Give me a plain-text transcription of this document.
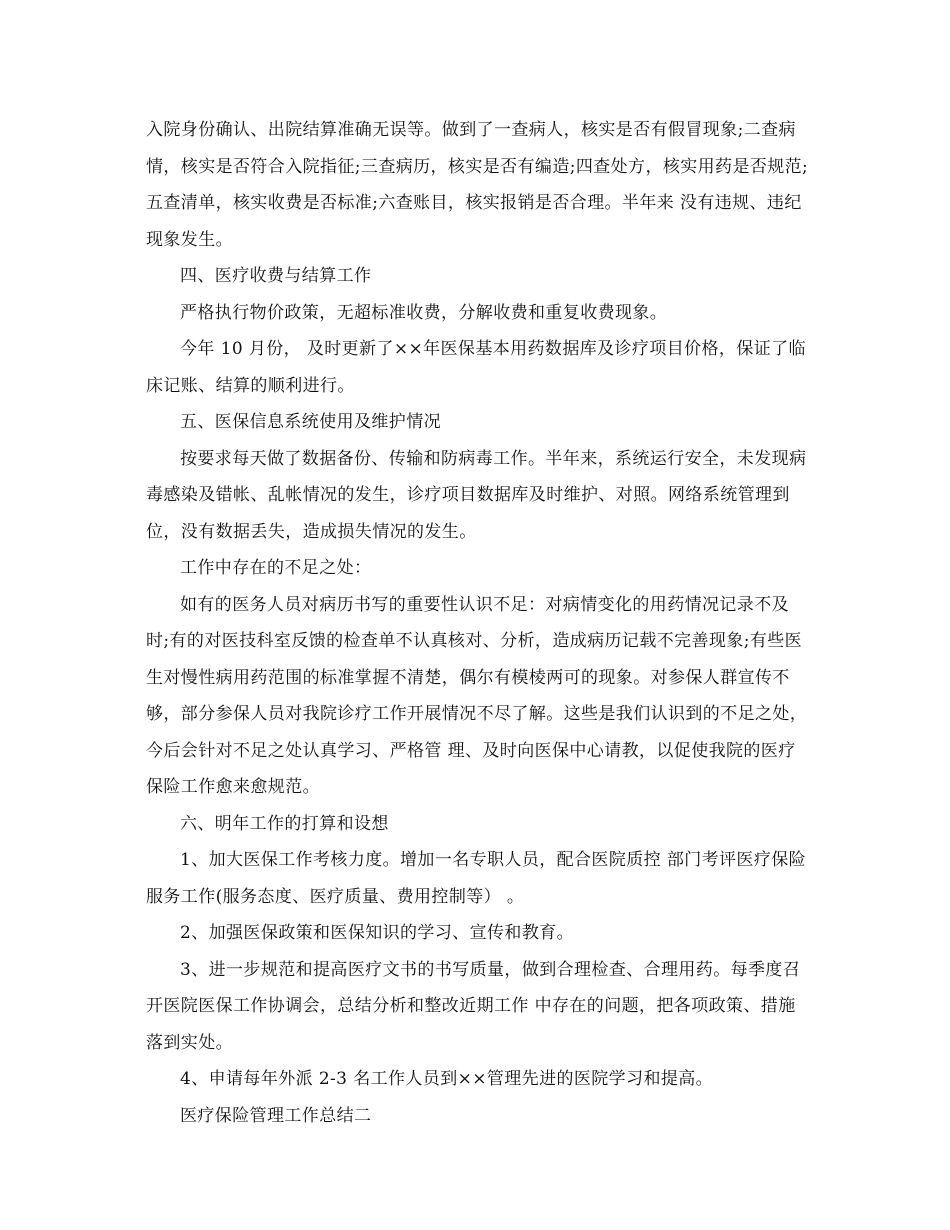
入院身份确认、出院结算准确无误等。做到了一查病人，核实是否有假冒现象;二查病情，核实是否符合入院指征;三查病历，核实是否有编造;四查处方，核实用药是否规范;五查清单，核实收费是否标准;六查账目，核实报销是否合理。半年来 没有违规、违纪现象发生。

四、医疗收费与结算工作

严格执行物价政策，无超标准收费，分解收费和重复收费现象。

今年 10 月份， 及时更新了××年医保基本用药数据库及诊疗项目价格，保证了临床记账、结算的顺利进行。

五、医保信息系统使用及维护情况

按要求每天做了数据备份、传输和防病毒工作。半年来，系统运行安全，未发现病毒感染及错帐、乱帐情况的发生，诊疗项目数据库及时维护、对照。网络系统管理到位，没有数据丢失，造成损失情况的发生。

工作中存在的不足之处：

如有的医务人员对病历书写的重要性认识不足：对病情变化的用药情况记录不及时;有的对医技科室反馈的检查单不认真核对、分析，造成病历记载不完善现象;有些医生对慢性病用药范围的标准掌握不清楚，偶尔有模棱两可的现象。对参保人群宣传不够，部分参保人员对我院诊疗工作开展情况不尽了解。这些是我们认识到的不足之处，今后会针对不足之处认真学习、严格管 理、及时向医保中心请教，以促使我院的医疗保险工作愈来愈规范。

六、明年工作的打算和设想

1、加大医保工作考核力度。增加一名专职人员，配合医院质控 部门考评医疗保险服务工作(服务态度、医疗质量、费用控制等） 。

2、加强医保政策和医保知识的学习、宣传和教育。

3、进一步规范和提高医疗文书的书写质量，做到合理检查、合理用药。每季度召开医院医保工作协调会，总结分析和整改近期工作 中存在的问题，把各项政策、措施落到实处。

4、申请每年外派 2-3 名工作人员到××管理先进的医院学习和提高。

医疗保险管理工作总结二
